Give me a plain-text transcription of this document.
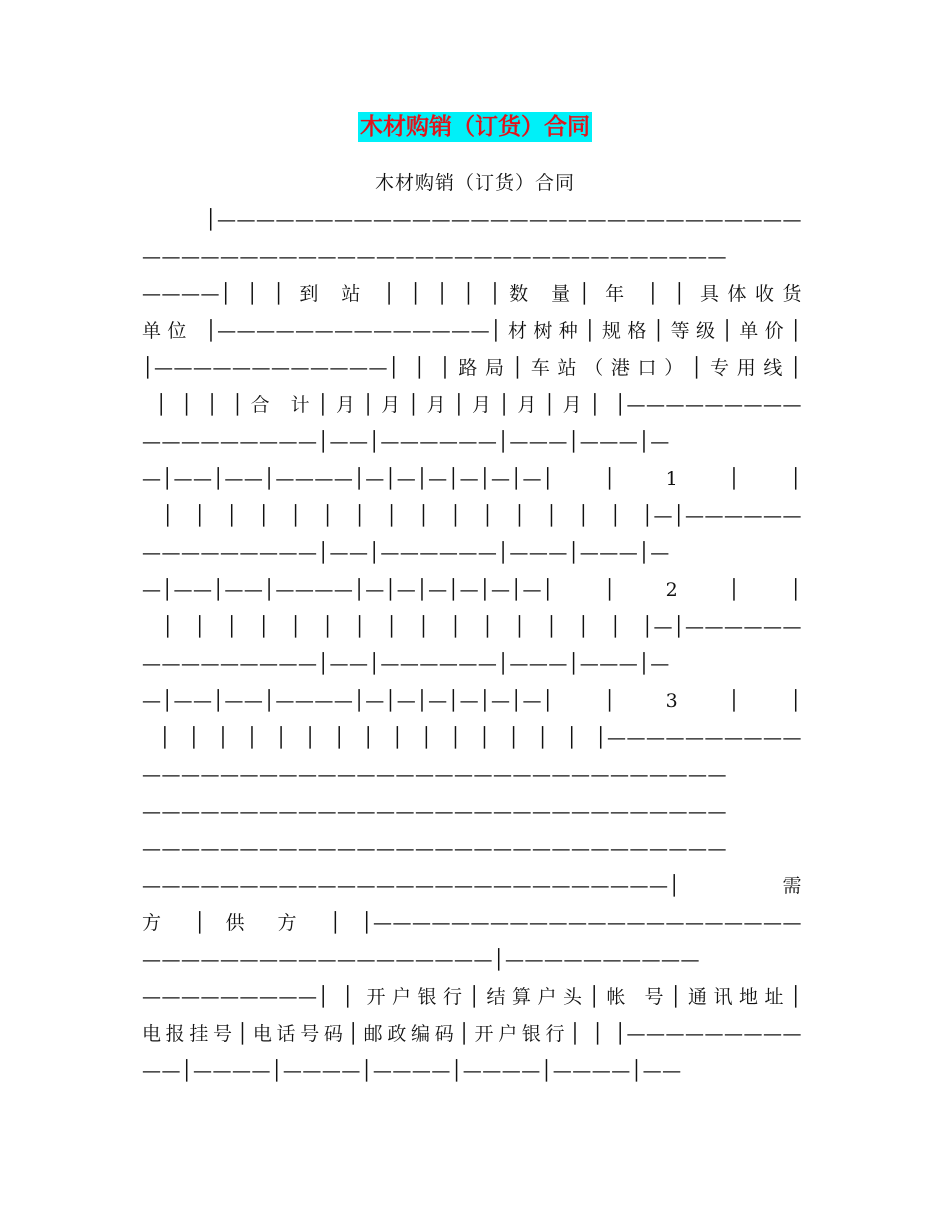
木材购销（订货）合同
木材购销（订货）合同
│——————————————————————————————
——————————————————————————————
————│ │ │ 到 站 │ │ │ │ │数 量│ 年 │ │ 具体收货
单位 │——————————————│材树种│规格│等级│单价│
│————————————│ │ │路局│车站（港口）│专用线│
│ │ │ │合 计│月│月│月│月│月│月│ │—————————
—————————│——│——————│———│———│—
—│——│——│————│—│—│—│—│—│—│ │ 1 │ │
│ │ │ │ │ │ │ │ │ │ │ │ │ │ │ │—│——————
—————————│——│——————│———│———│—
—│——│——│————│—│—│—│—│—│—│ │ 2 │ │
│ │ │ │ │ │ │ │ │ │ │ │ │ │ │ │—│——————
—————————│——│——————│———│———│—
—│——│——│————│—│—│—│—│—│—│ │ 3 │ │
│ │ │ │ │ │ │ │ │ │ │ │ │ │ │ │——————————
——————————————————————————————
——————————————————————————————
——————————————————————————————
———————————————————————————│ 需
方 │ 供 方 │ │——————————————————————
——————————————————│——————————
—————————│ │ 开户银行│结算户头│帐 号│通讯地址│
电报挂号│电话号码│邮政编码│开户银行│ │ │—————————
——│————│————│————│————│————│——
